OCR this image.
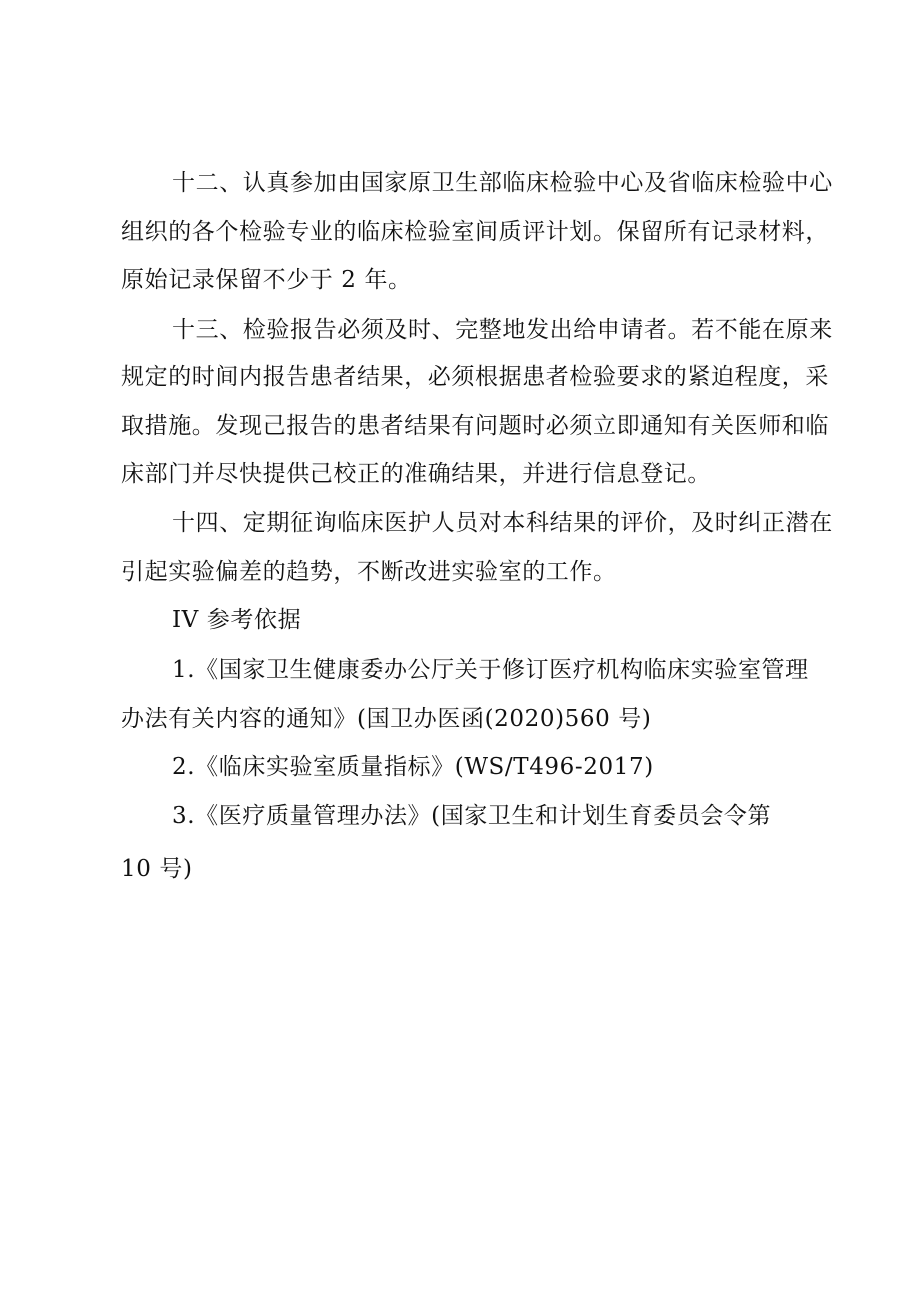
十二、认真参加由国家原卫生部临床检验中心及省临床检验中心
组织的各个检验专业的临床检验室间质评计划。保留所有记录材料，
原始记录保留不少于 2 年。
十三、检验报告必须及时、完整地发出给申请者。若不能在原来
规定的时间内报告患者结果，必须根据患者检验要求的紧迫程度，采
取措施。发现己报告的患者结果有问题时必须立即通知有关医师和临
床部门并尽快提供己校正的准确结果，并进行信息登记。
十四、定期征询临床医护人员对本科结果的评价，及时纠正潜在
引起实验偏差的趋势，不断改进实验室的工作。
IV 参考依据
1.《国家卫生健康委办公厅关于修订医疗机构临床实验室管理
办法有关内容的通知》(国卫办医函(2020)560 号)
2.《临床实验室质量指标》(WS/T496-2017)
3.《医疗质量管理办法》(国家卫生和计划生育委员会令第
10 号)
